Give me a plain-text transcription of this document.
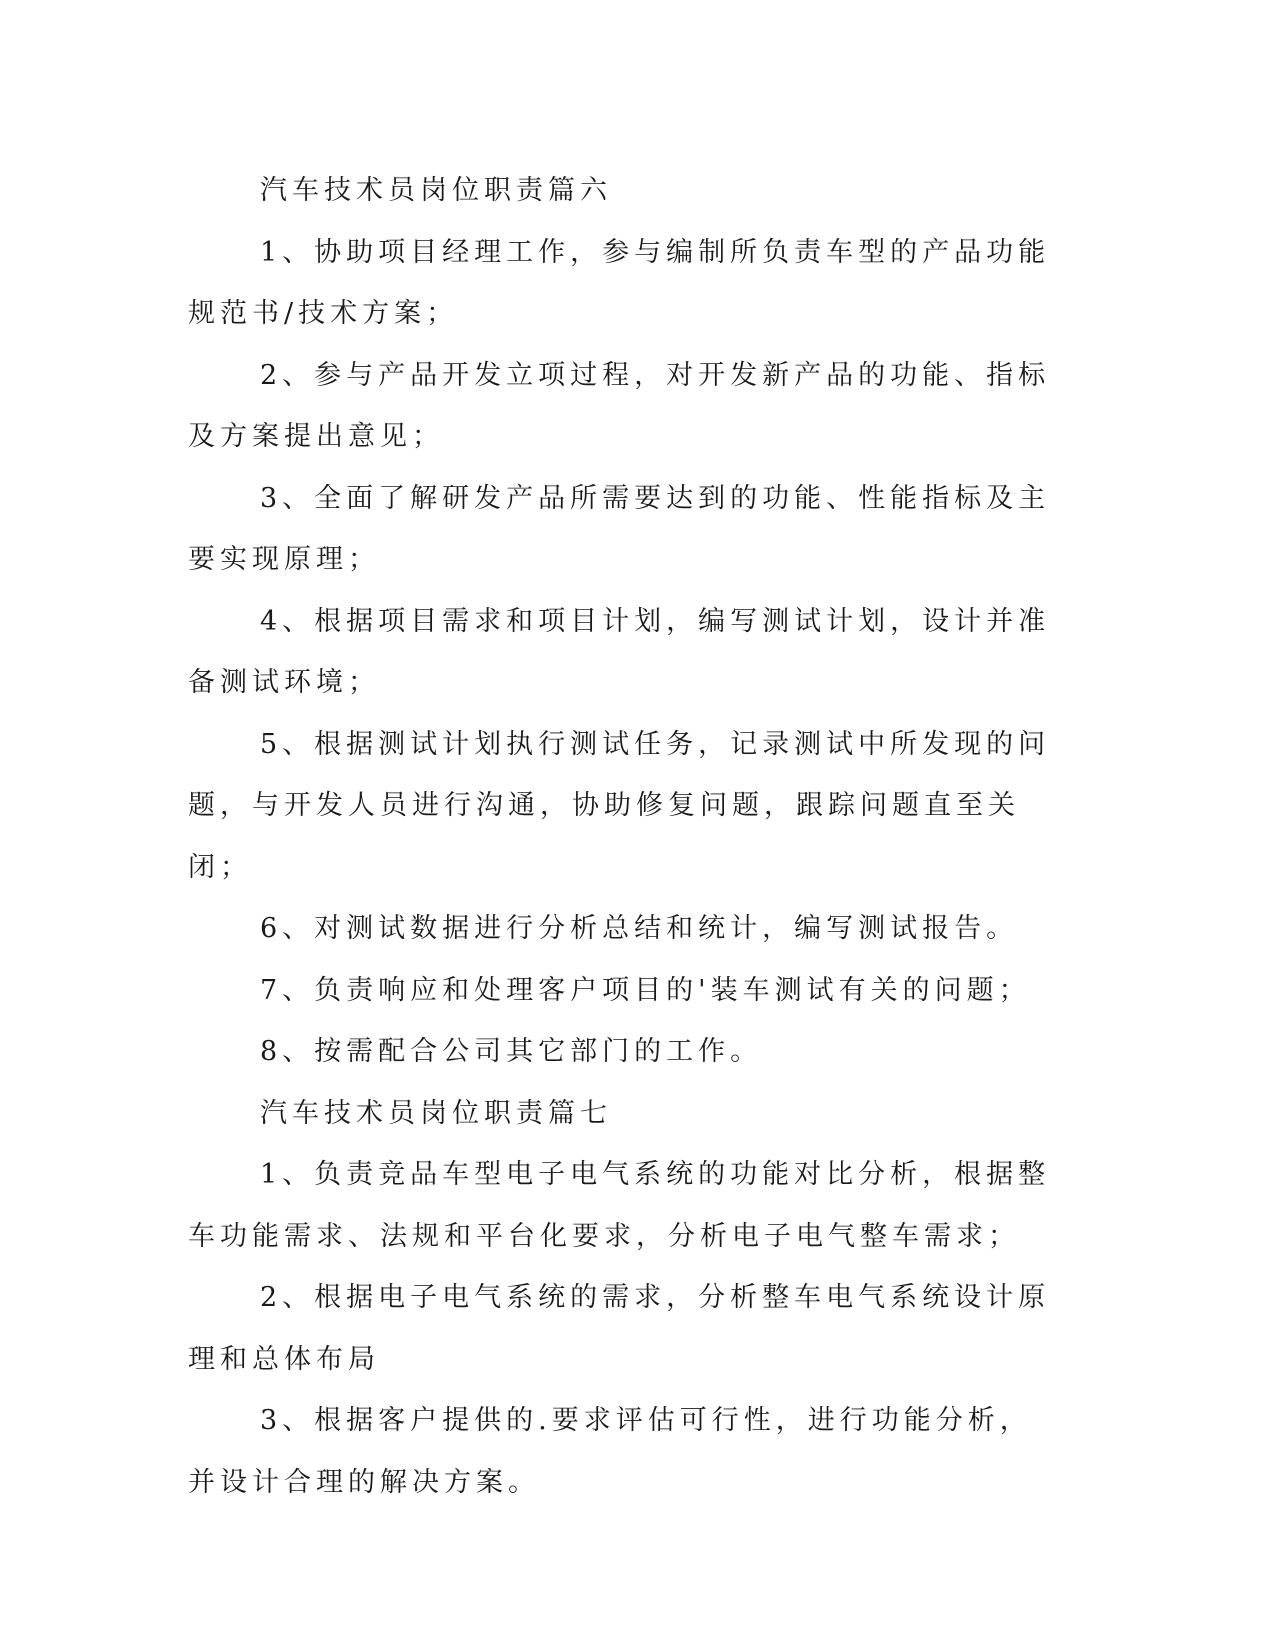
汽车技术员岗位职责篇六

1、协助项目经理工作，参与编制所负责车型的产品功能规范书/技术方案；

2、参与产品开发立项过程，对开发新产品的功能、指标及方案提出意见；

3、全面了解研发产品所需要达到的功能、性能指标及主要实现原理；

4、根据项目需求和项目计划，编写测试计划，设计并准备测试环境；

5、根据测试计划执行测试任务，记录测试中所发现的问题，与开发人员进行沟通，协助修复问题，跟踪问题直至关闭；

6、对测试数据进行分析总结和统计，编写测试报告。

7、负责响应和处理客户项目的'装车测试有关的问题；

8、按需配合公司其它部门的工作。

汽车技术员岗位职责篇七

1、负责竞品车型电子电气系统的功能对比分析，根据整车功能需求、法规和平台化要求，分析电子电气整车需求；

2、根据电子电气系统的需求，分析整车电气系统设计原理和总体布局

3、根据客户提供的.要求评估可行性，进行功能分析，并设计合理的解决方案。
